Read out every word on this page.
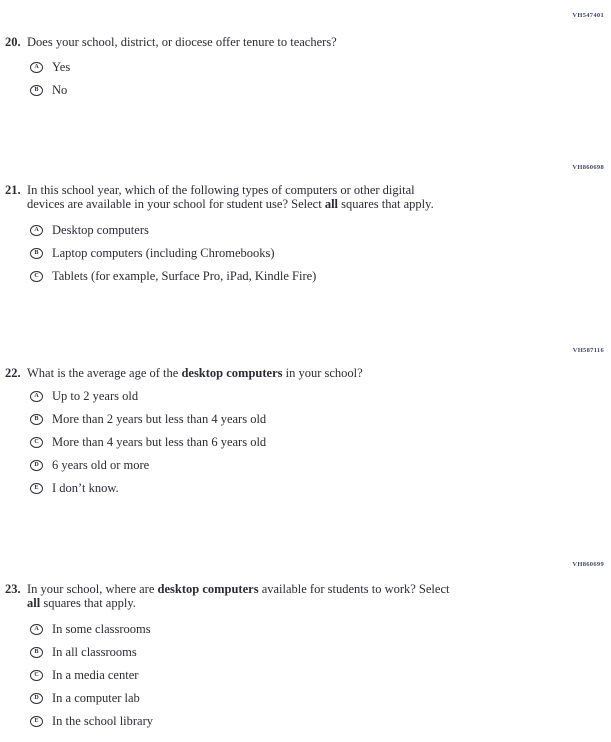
VH547401
20. Does your school, district, or diocese offer tenure to teachers?
A Yes
B No
VH860698
21. In this school year, which of the following types of computers or other digital
devices are available in your school for student use? Select all squares that apply.
A Desktop computers
B Laptop computers (including Chromebooks)
C Tablets (for example, Surface Pro, iPad, Kindle Fire)
VH587116
22. What is the average age of the desktop computers in your school?
A Up to 2 years old
B More than 2 years but less than 4 years old
C More than 4 years but less than 6 years old
D 6 years old or more
E I don’t know.
VH860699
23. In your school, where are desktop computers available for students to work? Select
all squares that apply.
A In some classrooms
B In all classrooms
C In a media center
D In a computer lab
E In the school library
